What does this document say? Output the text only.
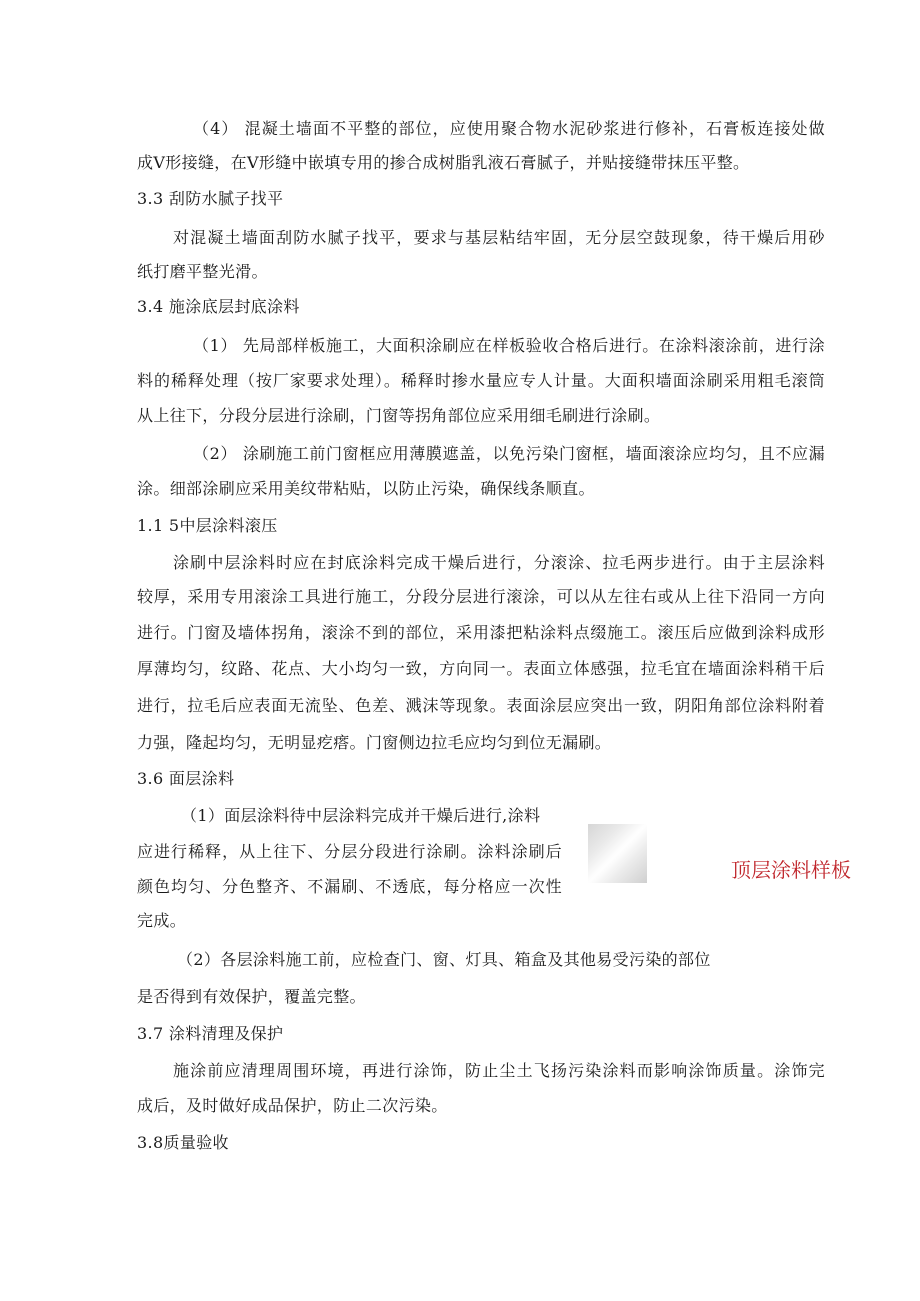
（4） 混凝土墙面不平整的部位，应使用聚合物水泥砂浆进行修补，石膏板连接处做
成V形接缝，在V形缝中嵌填专用的掺合成树脂乳液石膏腻子，并贴接缝带抹压平整。
3.3 刮防水腻子找平
对混凝土墙面刮防水腻子找平，要求与基层粘结牢固，无分层空鼓现象，待干燥后用砂
纸打磨平整光滑。
3.4 施涂底层封底涂料
（1） 先局部样板施工，大面积涂刷应在样板验收合格后进行。在涂料滚涂前，进行涂
料的稀释处理（按厂家要求处理）。稀释时掺水量应专人计量。大面积墙面涂刷采用粗毛滚筒
从上往下，分段分层进行涂刷，门窗等拐角部位应采用细毛刷进行涂刷。
（2） 涂刷施工前门窗框应用薄膜遮盖，以免污染门窗框，墙面滚涂应均匀，且不应漏
涂。细部涂刷应采用美纹带粘贴，以防止污染，确保线条顺直。
1.1 5中层涂料滚压
涂刷中层涂料时应在封底涂料完成干燥后进行，分滚涂、拉毛两步进行。由于主层涂料
较厚，采用专用滚涂工具进行施工，分段分层进行滚涂，可以从左往右或从上往下沿同一方向
进行。门窗及墙体拐角，滚涂不到的部位，采用漆把粘涂料点缀施工。滚压后应做到涂料成形
厚薄均匀，纹路、花点、大小均匀一致，方向同一。表面立体感强，拉毛宜在墙面涂料稍干后
进行，拉毛后应表面无流坠、色差、溅沫等现象。表面涂层应突出一致，阴阳角部位涂料附着
力强，隆起均匀，无明显疙瘩。门窗侧边拉毛应均匀到位无漏刷。
3.6 面层涂料
（1）面层涂料待中层涂料完成并干燥后进行,涂料
应进行稀释，从上往下、分层分段进行涂刷。涂料涂刷后
颜色均匀、分色整齐、不漏刷、不透底，每分格应一次性
完成。
顶层涂料样板
（2）各层涂料施工前，应检查门、窗、灯具、箱盒及其他易受污染的部位
是否得到有效保护，覆盖完整。
3.7 涂料清理及保护
施涂前应清理周围环境，再进行涂饰，防止尘土飞扬污染涂料而影响涂饰质量。涂饰完
成后，及时做好成品保护，防止二次污染。
3.8质量验收
